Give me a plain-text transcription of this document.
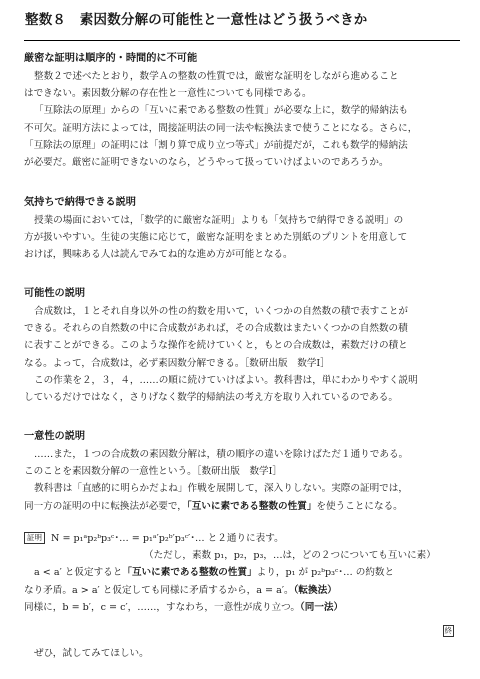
整数８　素因数分解の可能性と一意性はどう扱うべきか
厳密な証明は順序的・時間的に不可能
整数２で述べたとおり，数学Ａの整数の性質では，厳密な証明をしながら進めること
はできない。素因数分解の存在性と一意性についても同様である。
「互除法の原理」からの「互いに素である整数の性質」が必要な上に，数学的帰納法も
不可欠。証明方法によっては，間接証明法の同一法や転換法まで使うことになる。さらに，
「互除法の原理」の証明には「割り算で成り立つ等式」が前提だが，これも数学的帰納法
が必要だ。厳密に証明できないのなら，どうやって扱っていけばよいのであろうか。
気持ちで納得できる説明
授業の場面においては，「数学的に厳密な証明」よりも「気持ちで納得できる説明」の
方が扱いやすい。生徒の実態に応じて，厳密な証明をまとめた別紙のプリントを用意して
おけば，興味ある人は読んでみてね的な進め方が可能となる。
可能性の説明
合成数は，１とそれ自身以外の性の約数を用いて，いくつかの自然数の積で表すことが
できる。それらの自然数の中に合成数があれば，その合成数はまたいくつかの自然数の積
に表すことができる。このような操作を続けていくと，もとの合成数は，素数だけの積と
なる。よって，合成数は，必ず素因数分解できる。［数研出版　数学Ⅰ］
この作業を２，３，４，……の順に続けていけばよい。教科書は，単にわかりやすく説明
しているだけではなく，さりげなく数学的帰納法の考え方を取り入れているのである。
一意性の説明
……また，１つの合成数の素因数分解は，積の順序の違いを除けばただ１通りである。
このことを素因数分解の一意性という。［数研出版　数学Ⅰ］
教科書は「直感的に明らかだよね」作戦を展開して，深入りしない。実際の証明では，
同一方の証明の中に転換法が必要で，「互いに素である整数の性質」を使うことになる。
証明 N = p₁ᵃp₂ᵇp₃ᶜ･… = p₁ᵃ′p₂ᵇ′p₃ᶜ′･… と２通りに表す。
（ただし，素数 p₁，p₂，p₃，…は，どの２つについても互いに素）
a < a′ と仮定すると「互いに素である整数の性質」より，p₁ が p₂ᵇp₃ᶜ･… の約数と
なり矛盾。a > a′ と仮定しても同様に矛盾するから，a = a′。（転換法）
同様に，b = b′，c = c′，……，すなわち，一意性が成り立つ。（同一法）
終
ぜひ，試してみてほしい。
